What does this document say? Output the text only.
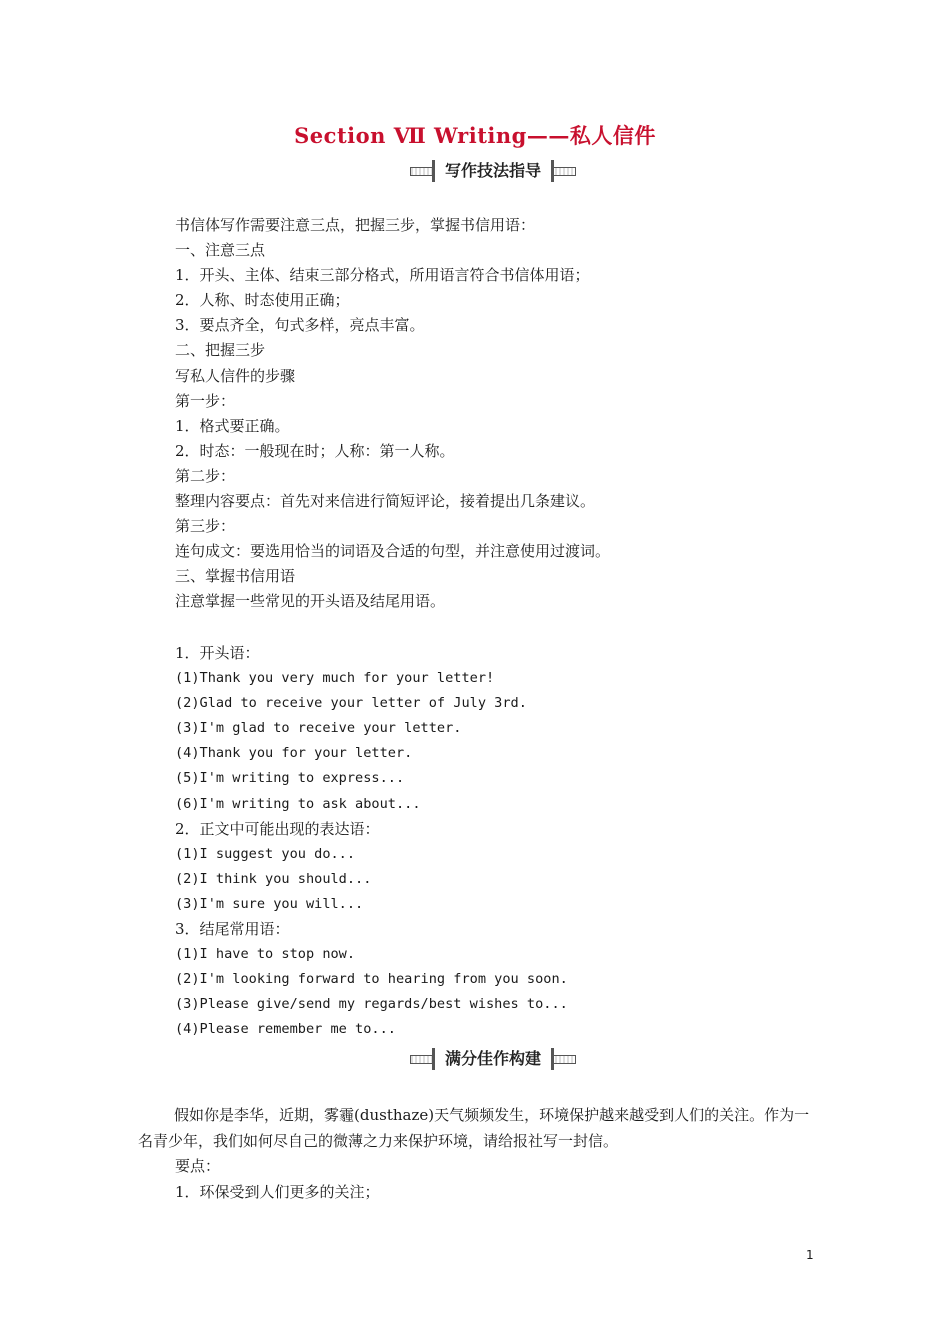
Section Ⅶ Writing——私人信件
写作技法指导
书信体写作需要注意三点，把握三步，掌握书信用语：
一、注意三点
1．开头、主体、结束三部分格式，所用语言符合书信体用语；
2．人称、时态使用正确；
3．要点齐全，句式多样，亮点丰富。
二、把握三步
写私人信件的步骤
第一步：
1．格式要正确。
2．时态：一般现在时；人称：第一人称。
第二步：
整理内容要点：首先对来信进行简短评论，接着提出几条建议。
第三步：
连句成文：要选用恰当的词语及合适的句型，并注意使用过渡词。
三、掌握书信用语
注意掌握一些常见的开头语及结尾用语。
1．开头语：
(1)Thank you very much for your letter!
(2)Glad to receive your letter of July 3rd.
(3)I'm glad to receive your letter.
(4)Thank you for your letter.
(5)I'm writing to express...
(6)I'm writing to ask about...
2．正文中可能出现的表达语：
(1)I suggest you do...
(2)I think you should...
(3)I'm sure you will...
3．结尾常用语：
(1)I have to stop now.
(2)I'm looking forward to hearing from you soon.
(3)Please give/send my regards/best wishes to...
(4)Please remember me to...
满分佳作构建
假如你是李华，近期，雾霾(dusthaze)天气频频发生，环境保护越来越受到人们的关注。作为一名青少年，我们如何尽自己的微薄之力来保护环境，请给报社写一封信。
要点：
1．环保受到人们更多的关注；
1
